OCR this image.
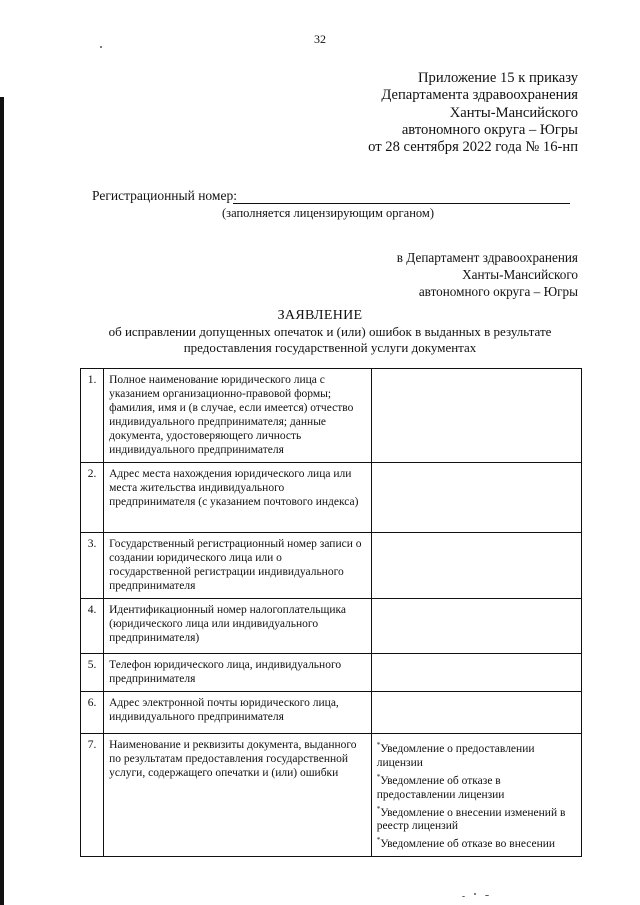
32
Приложение 15 к приказу
Департамента здравоохранения
Ханты-Мансийского
автономного округа – Югры
от 28 сентября 2022 года № 16-нп
Регистрационный номер:
(заполняется лицензирующим органом)
в Департамент здравоохранения
Ханты-Мансийского
автономного округа – Югры
ЗАЯВЛЕНИЕ
об исправлении допущенных опечаток и (или) ошибок в выданных в результате предоставления государственной услуги документах
1.	Полное наименование юридического лица с указанием организационно-правовой формы; фамилия, имя и (в случае, если имеется) отчество индивидуального предпринимателя; данные документа, удостоверяющего личность индивидуального предпринимателя	
2.	Адрес места нахождения юридического лица или места жительства индивидуального предпринимателя (с указанием почтового индекса)	
3.	Государственный регистрационный номер записи о создании юридического лица или о государственной регистрации индивидуального предпринимателя	
4.	Идентификационный номер налогоплательщика (юридического лица или индивидуального предпринимателя)	
5.	Телефон юридического лица, индивидуального предпринимателя	
6.	Адрес электронной почты юридического лица, индивидуального предпринимателя	
7.	Наименование и реквизиты документа, выданного по результатам предоставления государственной услуги, содержащего опечатки и (или) ошибки	*Уведомление о предоставлении лицензии
*Уведомление об отказе в предоставлении лицензии
*Уведомление о внесении изменений в реестр лицензий
*Уведомление об отказе во внесении
